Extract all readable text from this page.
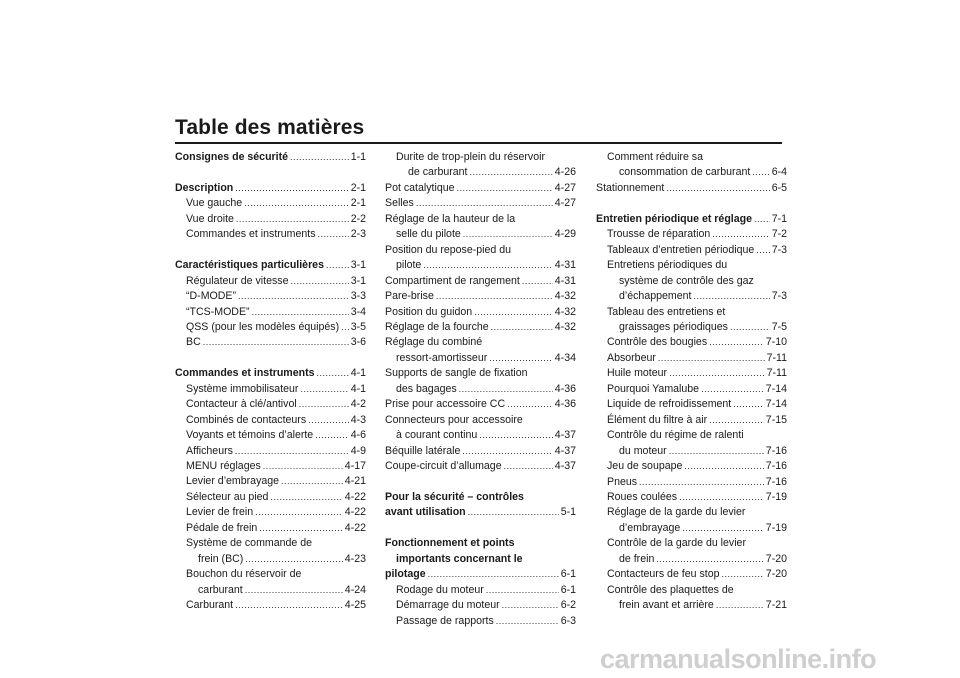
Table des matières
Consignes de sécurité .....	1-1
Description .....	2-1
Vue gauche .....	2-1
Vue droite .....	2-2
Commandes et instruments .....	2-3
Caractéristiques particulières .....	3-1
Régulateur de vitesse .....	3-1
“D-MODE” .....	3-3
“TCS-MODE” .....	3-4
QSS (pour les modèles équipés) ..... 3-5
BC .....	3-6
Commandes et instruments .....	4-1
Système immobilisateur .....	4-1
Contacteur à clé/antivol .....	4-2
Combinés de contacteurs .....	4-3
Voyants et témoins d’alerte .....	4-6
Afficheurs .....	4-9
MENU réglages .....	4-17
Levier d’embrayage .....	4-21
Sélecteur au pied .....	4-22
Levier de frein .....	4-22
Pédale de frein .....	4-22
Système de commande de
frein (BC) .....	4-23
Bouchon du réservoir de
carburant .....	4-24
Carburant .....	4-25
Durite de trop-plein du réservoir
de carburant .....	4-26
Pot catalytique .....	4-27
Selles .....	4-27
Réglage de la hauteur de la
selle du pilote .....	4-29
Position du repose-pied du
pilote .....	4-31
Compartiment de rangement .....	4-31
Pare-brise .....	4-32
Position du guidon .....	4-32
Réglage de la fourche .....	4-32
Réglage du combiné
ressort-amortisseur .....	4-34
Supports de sangle de fixation
des bagages .....	4-36
Prise pour accessoire CC .....	4-36
Connecteurs pour accessoire
à courant continu .....	4-37
Béquille latérale .....	4-37
Coupe-circuit d’allumage .....	4-37
Pour la sécurité – contrôles
avant utilisation .....	5-1
Fonctionnement et points
importants concernant le
pilotage .....	6-1
Rodage du moteur .....	6-1
Démarrage du moteur .....	6-2
Passage de rapports .....	6-3
Comment réduire sa
consommation de carburant ..... 6-4
Stationnement .....	6-5
Entretien périodique et réglage ..... 7-1
Trousse de réparation .....	7-2
Tableaux d’entretien périodique ..... 7-3
Entretiens périodiques du
système de contrôle des gaz
d’échappement .....	7-3
Tableau des entretiens et
graissages périodiques .....	7-5
Contrôle des bougies .....	7-10
Absorbeur .....	7-11
Huile moteur .....	7-11
Pourquoi Yamalube .....	7-14
Liquide de refroidissement .....	7-14
Élément du filtre à air .....	7-15
Contrôle du régime de ralenti
du moteur .....	7-16
Jeu de soupape .....	7-16
Pneus .....	7-16
Roues coulées .....	7-19
Réglage de la garde du levier
d’embrayage .....	7-19
Contrôle de la garde du levier
de frein .....	7-20
Contacteurs de feu stop .....	7-20
Contrôle des plaquettes de
frein avant et arrière .....	7-21
carmanualsonline.info
